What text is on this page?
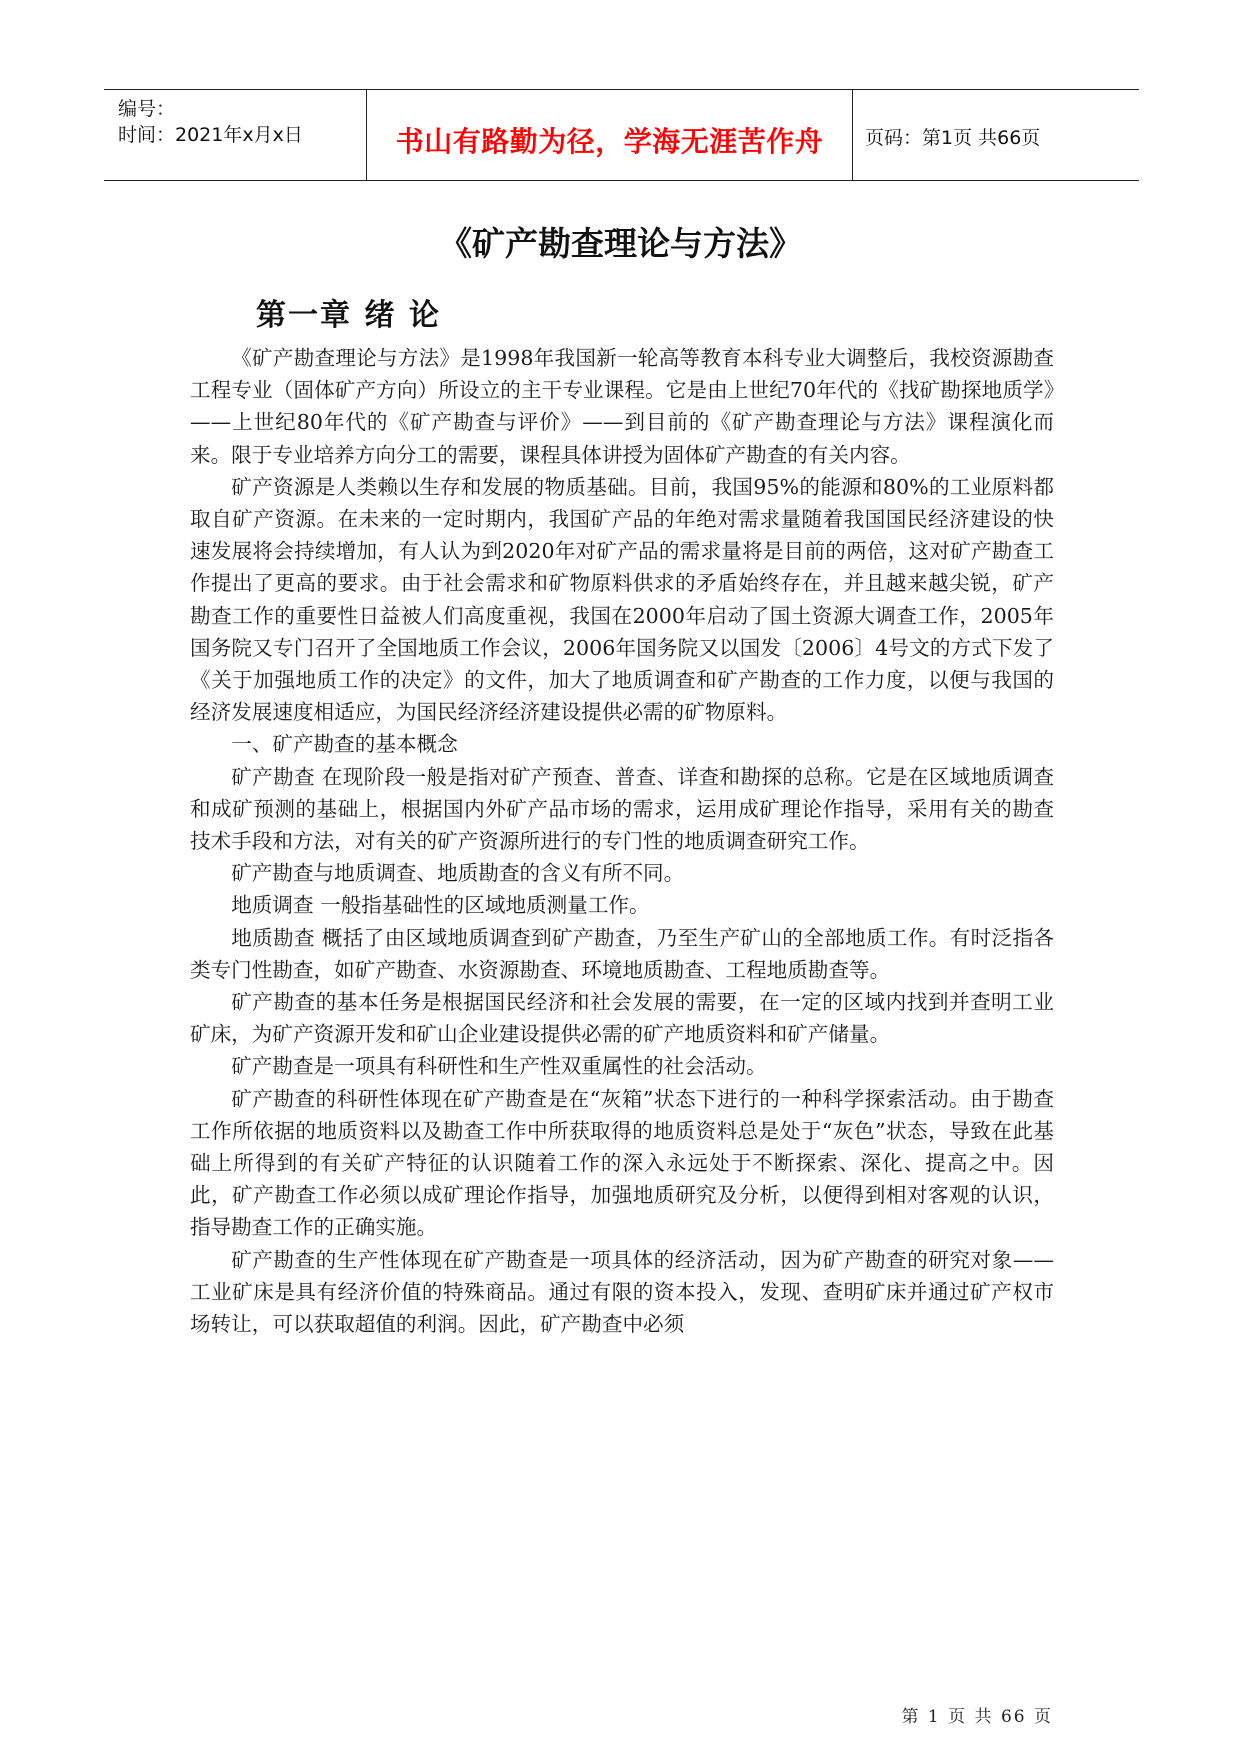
编号：
时间：2021年x月x日	书山有路勤为径，学海无涯苦作舟	页码：第1页 共66页
《矿产勘查理论与方法》
第一章 绪 论

《矿产勘查理论与方法》是1998年我国新一轮高等教育本科专业大调整后，我校资源勘查工程专业（固体矿产方向）所设立的主干专业课程。它是由上世纪70年代的《找矿勘探地质学》——上世纪80年代的《矿产勘查与评价》——到目前的《矿产勘查理论与方法》课程演化而来。限于专业培养方向分工的需要，课程具体讲授为固体矿产勘查的有关内容。

矿产资源是人类赖以生存和发展的物质基础。目前，我国95%的能源和80%的工业原料都取自矿产资源。在未来的一定时期内，我国矿产品的年绝对需求量随着我国国民经济建设的快速发展将会持续增加，有人认为到2020年对矿产品的需求量将是目前的两倍，这对矿产勘查工作提出了更高的要求。由于社会需求和矿物原料供求的矛盾始终存在，并且越来越尖锐，矿产勘查工作的重要性日益被人们高度重视，我国在2000年启动了国土资源大调查工作，2005年国务院又专门召开了全国地质工作会议，2006年国务院又以国发〔2006〕4号文的方式下发了《关于加强地质工作的决定》的文件，加大了地质调查和矿产勘查的工作力度，以便与我国的经济发展速度相适应，为国民经济经济建设提供必需的矿物原料。

一、矿产勘查的基本概念

矿产勘查 在现阶段一般是指对矿产预查、普查、详查和勘探的总称。它是在区域地质调查和成矿预测的基础上，根据国内外矿产品市场的需求，运用成矿理论作指导，采用有关的勘查技术手段和方法，对有关的矿产资源所进行的专门性的地质调查研究工作。

矿产勘查与地质调查、地质勘查的含义有所不同。

地质调查 一般指基础性的区域地质测量工作。

地质勘查 概括了由区域地质调查到矿产勘查，乃至生产矿山的全部地质工作。有时泛指各类专门性勘查，如矿产勘查、水资源勘查、环境地质勘查、工程地质勘查等。

矿产勘查的基本任务是根据国民经济和社会发展的需要，在一定的区域内找到并查明工业矿床，为矿产资源开发和矿山企业建设提供必需的矿产地质资料和矿产储量。

矿产勘查是一项具有科研性和生产性双重属性的社会活动。

矿产勘查的科研性体现在矿产勘查是在“灰箱”状态下进行的一种科学探索活动。由于勘查工作所依据的地质资料以及勘查工作中所获取得的地质资料总是处于“灰色”状态，导致在此基础上所得到的有关矿产特征的认识随着工作的深入永远处于不断探索、深化、提高之中。因此，矿产勘查工作必须以成矿理论作指导，加强地质研究及分析，以便得到相对客观的认识，指导勘查工作的正确实施。

矿产勘查的生产性体现在矿产勘查是一项具体的经济活动，因为矿产勘查的研究对象——工业矿床是具有经济价值的特殊商品。通过有限的资本投入，发现、查明矿床并通过矿产权市场转让，可以获取超值的利润。因此，矿产勘查中必须

第 1 页 共 66 页
